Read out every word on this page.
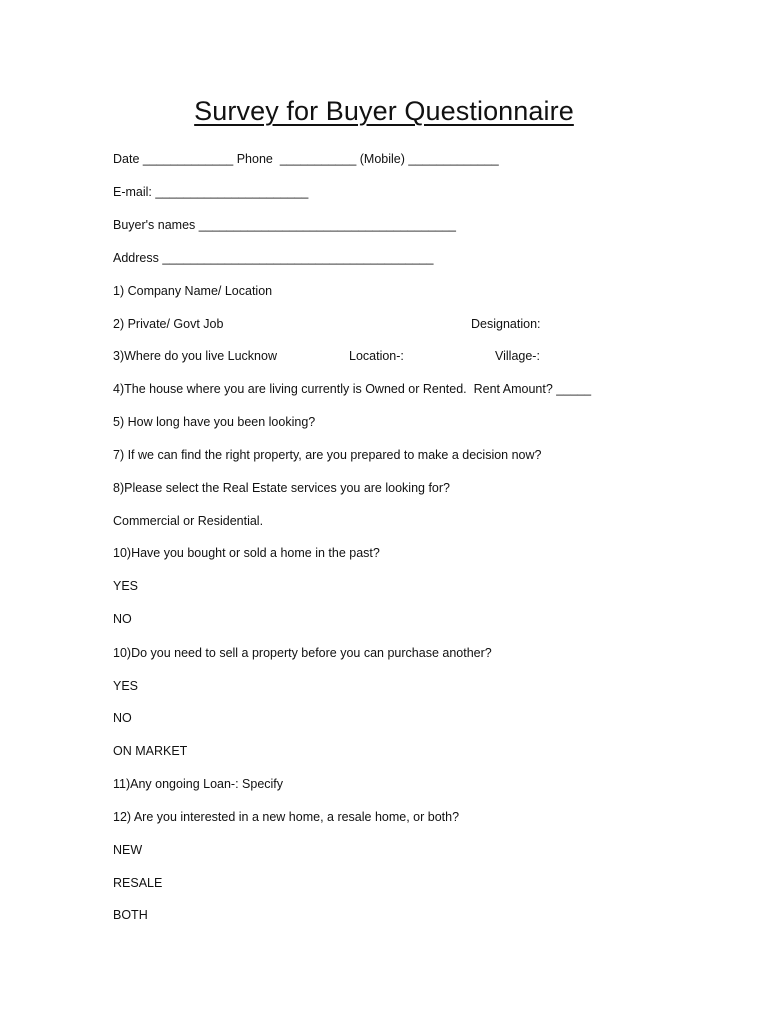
Survey for Buyer Questionnaire
Date _____________ Phone  ___________ (Mobile) _____________
E-mail: ______________________
Buyer's names _____________________________________
Address _______________________________________
1) Company Name/ Location
2) Private/ Govt Job	Designation:
3)Where do you live Lucknow	Location-:	Village-:
4)The house where you are living currently is Owned or Rented.  Rent Amount? _____
5) How long have you been looking?
7) If we can find the right property, are you prepared to make a decision now?
8)Please select the Real Estate services you are looking for?
Commercial or Residential.
10)Have you bought or sold a home in the past?
YES
NO
10)Do you need to sell a property before you can purchase another?
YES
NO
ON MARKET
11)Any ongoing Loan-: Specify
12) Are you interested in a new home, a resale home, or both?
NEW
RESALE
BOTH
